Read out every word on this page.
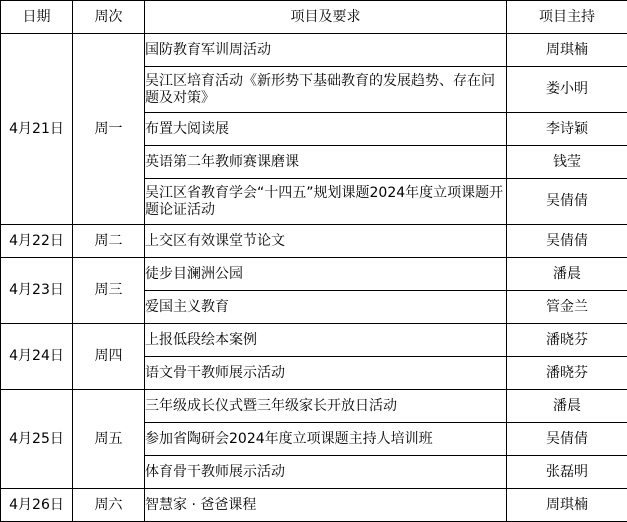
日期	周次	项目及要求	项目主持
4月21日	周一	国防教育军训周活动	周琪楠
		吴江区培育活动《新形势下基础教育的发展趋势、存在问题及对策》	娄小明
		布置大阅读展	李诗颖
		英语第二年教师赛课磨课	钱莹
		吴江区省教育学会“十四五”规划课题2024年度立项课题开题论证活动	吴倩倩
4月22日	周二	上交区有效课堂节论文	吴倩倩
4月23日	周三	徒步目澜洲公园	潘晨
		爱国主义教育	管金兰
4月24日	周四	上报低段绘本案例	潘晓芬
		语文骨干教师展示活动	潘晓芬
4月25日	周五	三年级成长仪式暨三年级家长开放日活动	潘晨
		参加省陶研会2024年度立项课题主持人培训班	吴倩倩
		体育骨干教师展示活动	张磊明
4月26日	周六	智慧家 · 爸爸课程	周琪楠
